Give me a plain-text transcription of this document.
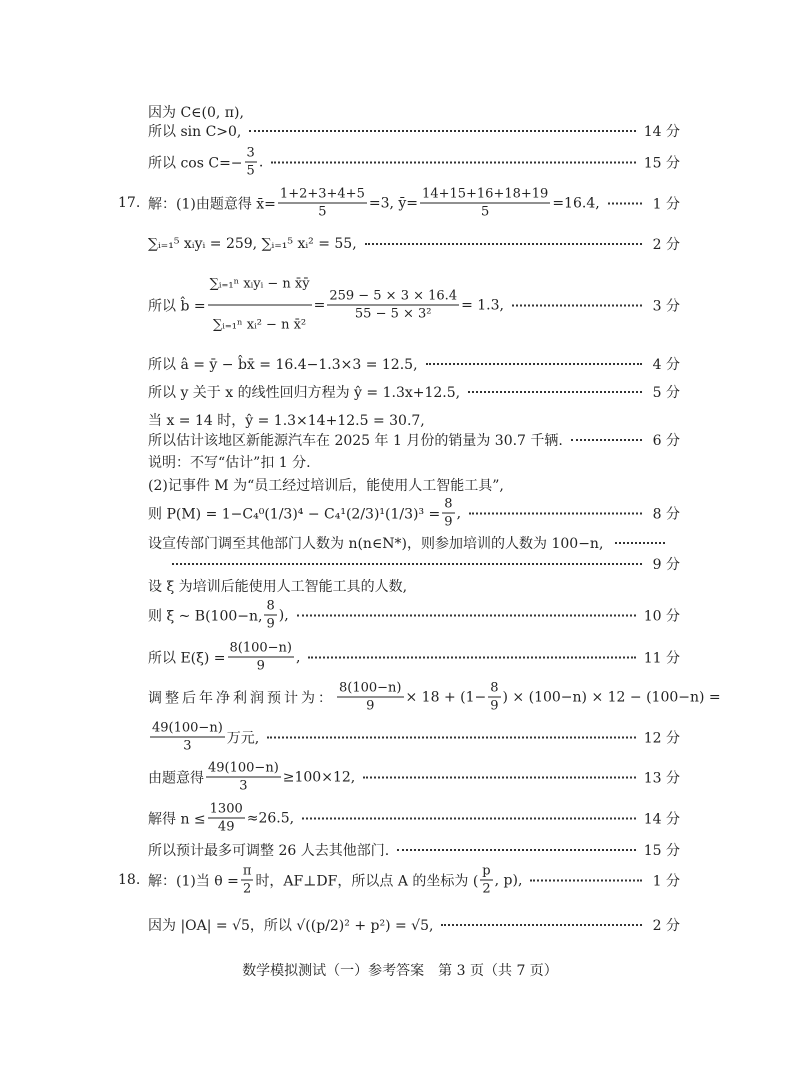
因为 C∈(0, π),
所以 sin C>0,	14 分
所以 $\cos C=- \frac{3}{5}$ .	15 分
17. 解：(1)由题意得 x̄= $\frac{1+2+3+4+5}{5} =3$, ȳ= $\frac{14+15+16+18+19}{5} =16.4$,	1 分
∑ᵢ₌₁⁵ xᵢyᵢ = 259, ∑ᵢ₌₁⁵ xᵢ² = 55,	2 分
所以 b̂ = $\frac{\text{∑ᵢ₌₁ⁿ xᵢyᵢ − n x̄ȳ}}{\text{∑ᵢ₌₁ⁿ xᵢ² − n x̄²}} = \frac{259 - 5 \times 3 \times 16.4}{\text{55 − 5 × 3²}} = 1.3$,	3 分
所以 â = ȳ − b̂x̄ = 16.4−1.3×3 = 12.5,	4 分
所以 y 关于 x 的线性回归方程为 ŷ = 1.3x+12.5,	5 分
当 x = 14 时，ŷ = 1.3×14+12.5 = 30.7,
所以估计该地区新能源汽车在 2025 年 1 月份的销量为 30.7 千辆.	6 分
说明：不写“估计”扣 1 分.
(2)记事件 M 为“员工经过培训后，能使用人工智能工具”,
则 $P(M) = 1-C_4^0(1/3)^4 - C_4^1(2/3)^1(1/3)^3 = \frac{8}{9}$ ,	8 分
设宣传部门调至其他部门人数为 n(n∈N*)，则参加培训的人数为 100−n,
9 分
设 ξ 为培训后能使用人工智能工具的人数,
则 ξ ~ B(100−n, $\frac{8}{9}$ ),	10 分
所以 $E(\xi) = \frac{8(100-n)}{9}$ ,	11 分
调整后年净利润预计为： $\frac{8(100-n)}{9} \times 18 + (1- \frac{8}{9}$ ) × (100−n) × 12 − (100−n) =
$\frac{49(100-n)}{3}$ 万元,	12 分
由题意得 $\frac{49(100-n)}{3} \ge 100\times 12$,	13 分
解得 $n \le \frac{1300}{49} \approx 26.5$,	14 分
所以预计最多可调整 26 人去其他部门.	15 分
18. 解：(1)当 $\theta = \frac{\pi}{2}$ 时，AF⊥DF，所以点 A 的坐标为 ( $\frac{p}{2}$ , p),	1 分
因为 |OA| = √5，所以 √((p/2)² + p²) = √5,	2 分
数学模拟测试（一）参考答案　第 3 页（共 7 页）
